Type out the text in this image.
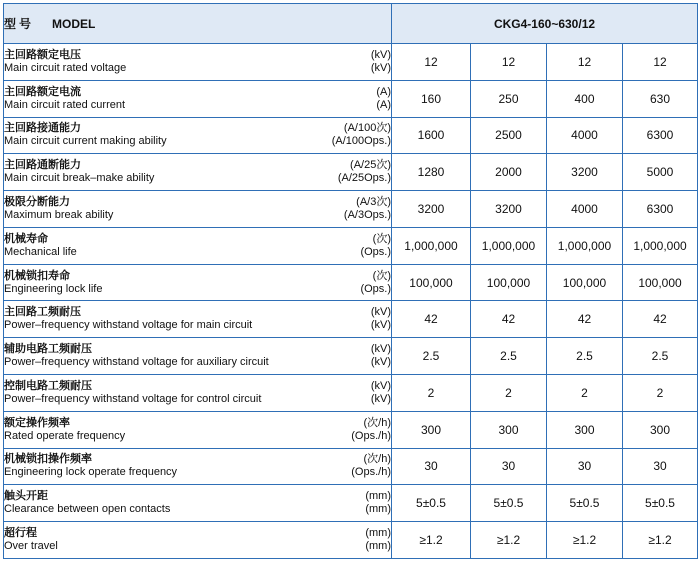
型号 MODEL	CKG4-160~630/12			

主回路额定电压
Main circuit rated voltage
(kV)
(kV)	12	12	12	12

主回路额定电流
Main circuit rated current
(A)
(A)	160	250	400	630

主回路接通能力
Main circuit current making ability
(A/100次)
(A/100Ops.)	1600	2500	4000	6300

主回路通断能力
Main circuit break–make ability
(A/25次)
(A/25Ops.)	1280	2000	3200	5000

极限分断能力
Maximum break ability
(A/3次)
(A/3Ops.)	3200	3200	4000	6300

机械寿命
Mechanical life
(次)
(Ops.)	1,000,000	1,000,000	1,000,000	1,000,000

机械锁扣寿命
Engineering lock life
(次)
(Ops.)	100,000	100,000	100,000	100,000

主回路工频耐压
Power–frequency withstand voltage for main circuit
(kV)
(kV)	42	42	42	42

辅助电路工频耐压
Power–frequency withstand voltage for auxiliary circuit
(kV)
(kV)	2.5	2.5	2.5	2.5

控制电路工频耐压
Power–frequency withstand voltage for control circuit
(kV)
(kV)	2	2	2	2

额定操作频率
Rated operate frequency
(次/h)
(Ops./h)	300	300	300	300

机械锁扣操作频率
Engineering lock operate frequency
(次/h)
(Ops./h)	30	30	30	30

触头开距
Clearance between open contacts
(mm)
(mm)	5±0.5	5±0.5	5±0.5	5±0.5

超行程
Over travel
(mm)
(mm)	≥1.2	≥1.2	≥1.2	≥1.2
